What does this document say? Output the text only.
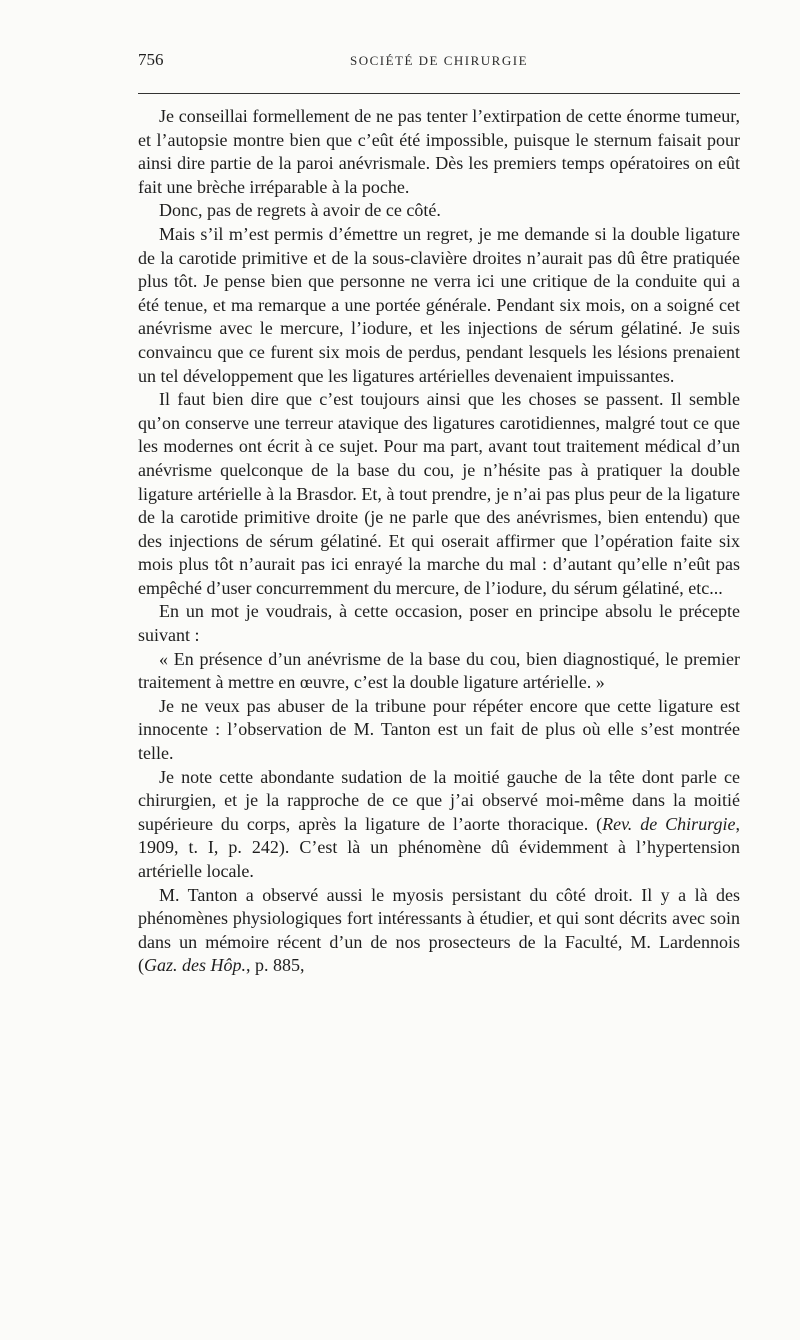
756	SOCIÉTÉ DE CHIRURGIE

Je conseillai formellement de ne pas tenter l’extirpation de cette énorme tumeur, et l’autopsie montre bien que c’eût été impossible, puisque le sternum faisait pour ainsi dire partie de la paroi anévrismale. Dès les premiers temps opératoires on eût fait une brèche irréparable à la poche.

Donc, pas de regrets à avoir de ce côté.

Mais s’il m’est permis d’émettre un regret, je me demande si la double ligature de la carotide primitive et de la sous-clavière droites n’aurait pas dû être pratiquée plus tôt. Je pense bien que personne ne verra ici une critique de la conduite qui a été tenue, et ma remarque a une portée générale. Pendant six mois, on a soigné cet anévrisme avec le mercure, l’iodure, et les injections de sérum gélatiné. Je suis convaincu que ce furent six mois de perdus, pendant lesquels les lésions prenaient un tel développement que les ligatures artérielles devenaient impuissantes.

Il faut bien dire que c’est toujours ainsi que les choses se passent. Il semble qu’on conserve une terreur atavique des ligatures carotidiennes, malgré tout ce que les modernes ont écrit à ce sujet. Pour ma part, avant tout traitement médical d’un anévrisme quelconque de la base du cou, je n’hésite pas à pratiquer la double ligature artérielle à la Brasdor. Et, à tout prendre, je n’ai pas plus peur de la ligature de la carotide primitive droite (je ne parle que des anévrismes, bien entendu) que des injections de sérum gélatiné. Et qui oserait affirmer que l’opération faite six mois plus tôt n’aurait pas ici enrayé la marche du mal : d’autant qu’elle n’eût pas empêché d’user concurremment du mercure, de l’iodure, du sérum gélatiné, etc...

En un mot je voudrais, à cette occasion, poser en principe absolu le précepte suivant :

« En présence d’un anévrisme de la base du cou, bien diagnostiqué, le premier traitement à mettre en œuvre, c’est la double ligature artérielle. »

Je ne veux pas abuser de la tribune pour répéter encore que cette ligature est innocente : l’observation de M. Tanton est un fait de plus où elle s’est montrée telle.

Je note cette abondante sudation de la moitié gauche de la tête dont parle ce chirurgien, et je la rapproche de ce que j’ai observé moi-même dans la moitié supérieure du corps, après la ligature de l’aorte thoracique. (Rev. de Chirurgie, 1909, t. I, p. 242). C’est là un phénomène dû évidemment à l’hypertension artérielle locale.

M. Tanton a observé aussi le myosis persistant du côté droit. Il y a là des phénomènes physiologiques fort intéressants à étudier, et qui sont décrits avec soin dans un mémoire récent d’un de nos prosecteurs de la Faculté, M. Lardennois (Gaz. des Hôp., p. 885,
